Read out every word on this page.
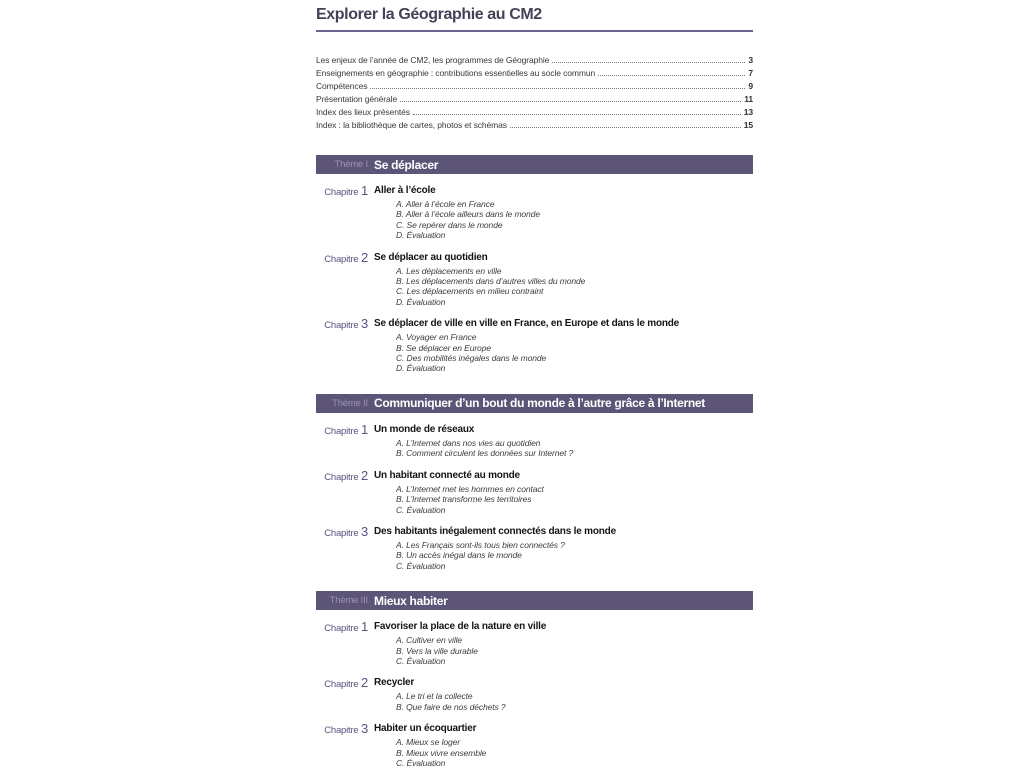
Explorer la Géographie au CM2
Les enjeux de l’année de CM2, les programmes de Géographie	3
Enseignements en géographie : contributions essentielles au socle commun	7
Compétences	9
Présentation générale	11
Index des lieux présentés	13
Index : la bibliothèque de cartes, photos et schémas	15
Thème I Se déplacer
Chapitre 1 Aller à l’école
A. Aller à l’école en France
B. Aller à l’école ailleurs dans le monde
C. Se repérer dans le monde
D. Évaluation
Chapitre 2 Se déplacer au quotidien
A. Les déplacements en ville
B. Les déplacements dans d’autres villes du monde
C. Les déplacements en milieu contraint
D. Évaluation
Chapitre 3 Se déplacer de ville en ville en France, en Europe et dans le monde
A. Voyager en France
B. Se déplacer en Europe
C. Des mobilités inégales dans le monde
D. Évaluation
Thème II Communiquer d’un bout du monde à l’autre grâce à l’Internet
Chapitre 1 Un monde de réseaux
A. L’Internet dans nos vies au quotidien
B. Comment circulent les données sur Internet ?
Chapitre 2 Un habitant connecté au monde
A. L’Internet met les hommes en contact
B. L’Internet transforme les territoires
C. Évaluation
Chapitre 3 Des habitants inégalement connectés dans le monde
A. Les Français sont-ils tous bien connectés ?
B. Un accès inégal dans le monde
C. Évaluation
Thème III Mieux habiter
Chapitre 1 Favoriser la place de la nature en ville
A. Cultiver en ville
B. Vers la ville durable
C. Évaluation
Chapitre 2 Recycler
A. Le tri et la collecte
B. Que faire de nos déchets ?
Chapitre 3 Habiter un écoquartier
A. Mieux se loger
B. Mieux vivre ensemble
C. Évaluation
